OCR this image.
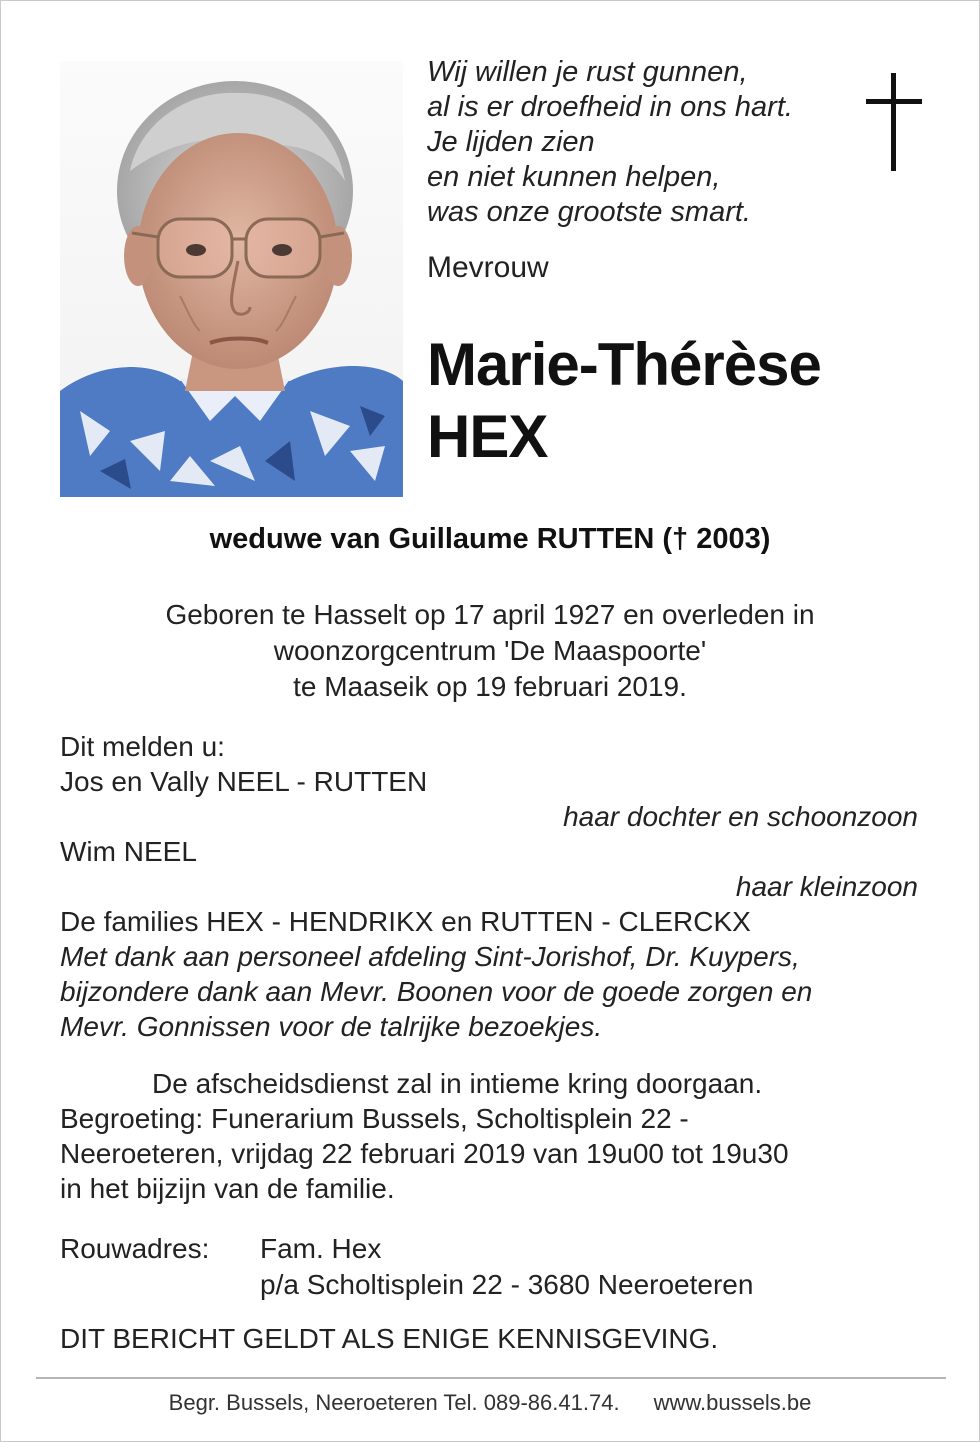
Wij willen je rust gunnen,
al is er droefheid in ons hart.
Je lijden zien
en niet kunnen helpen,
was onze grootste smart.
Mevrouw
Marie-Thérèse
HEX
weduwe van Guillaume RUTTEN († 2003)
Geboren te Hasselt op 17 april 1927 en overleden in
woonzorgcentrum 'De Maaspoorte'
te Maaseik op 19 februari 2019.
Dit melden u:
Jos en Vally NEEL - RUTTEN
haar dochter en schoonzoon
Wim NEEL
haar kleinzoon
De families HEX - HENDRIKX en RUTTEN - CLERCKX
Met dank aan personeel afdeling Sint-Jorishof, Dr. Kuypers,
bijzondere dank aan Mevr. Boonen voor de goede zorgen en
Mevr. Gonnissen voor de talrijke bezoekjes.
De afscheidsdienst zal in intieme kring doorgaan.
Begroeting: Funerarium Bussels, Scholtisplein 22 -
Neeroeteren, vrijdag 22 februari 2019 van 19u00 tot 19u30
in het bijzijn van de familie.
Rouwadres: Fam. Hex
p/a Scholtisplein 22 - 3680 Neeroeteren
DIT BERICHT GELDT ALS ENIGE KENNISGEVING.
Begr. Bussels, Neeroeteren Tel. 089-86.41.74. www.bussels.be
